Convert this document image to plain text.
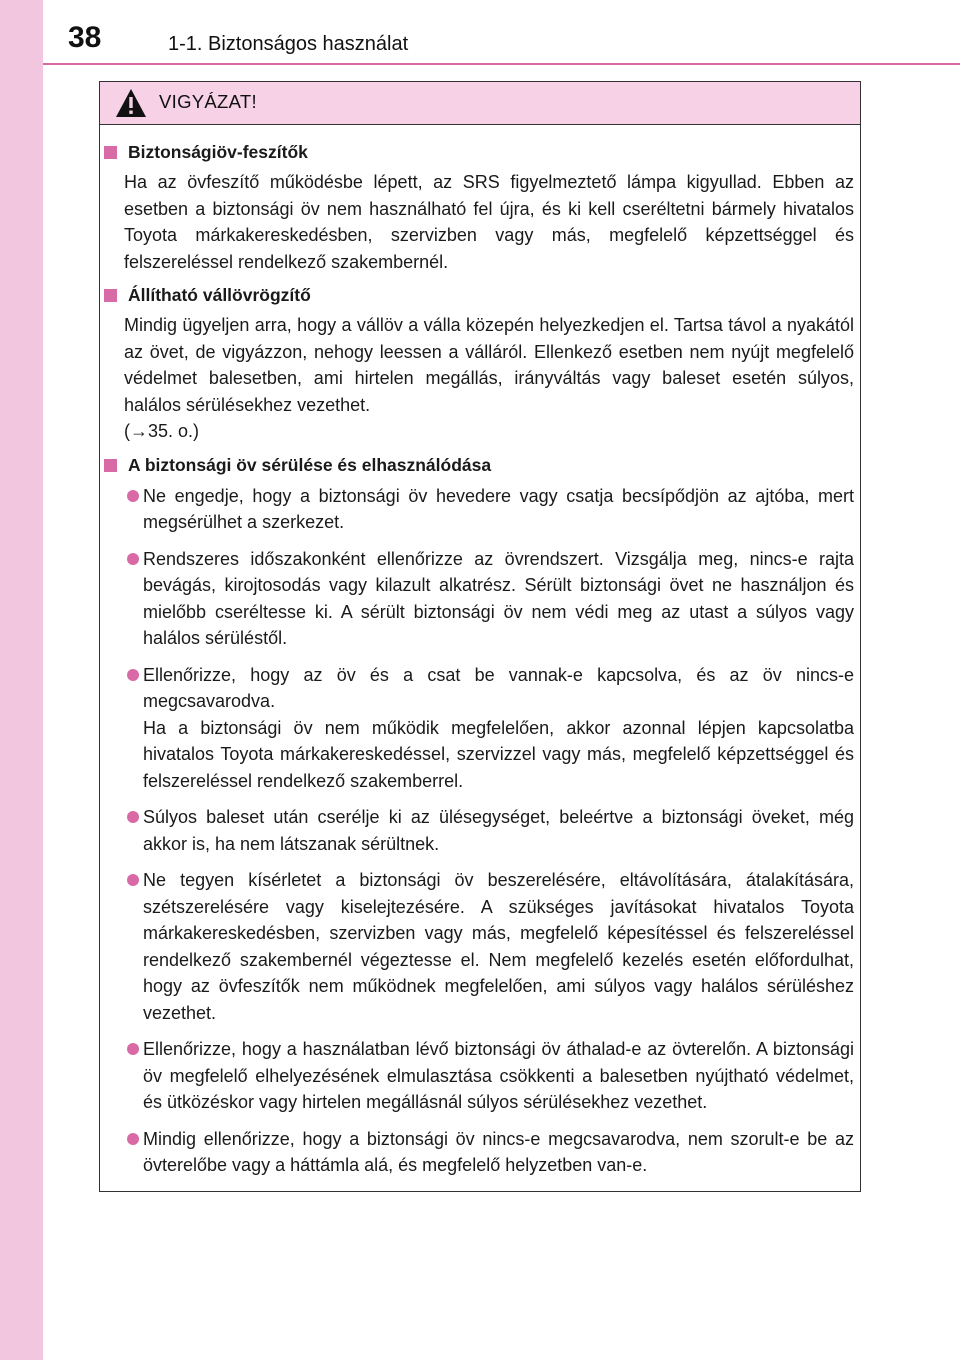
38	1-1. Biztonságos használat
VIGYÁZAT!
Biztonságiöv-feszítők
Ha az övfeszítő működésbe lépett, az SRS figyelmeztető lámpa kigyullad. Ebben az esetben a biztonsági öv nem használható fel újra, és ki kell cseréltetni bármely hivatalos Toyota márkakereskedésben, szervizben vagy más, megfelelő képzettséggel és felszereléssel rendelkező szakembernél.
Állítható vállövrögzítő
Mindig ügyeljen arra, hogy a vállöv a vállа közepén helyezkedjen el. Tartsa távol a nyakától az övet, de vigyázzon, nehogy leessen a válláról. Ellenkező esetben nem nyújt megfelelő védelmet balesetben, ami hirtelen megállás, irányváltás vagy baleset esetén súlyos, halálos sérülésekhez vezethet.
(→35. o.)
A biztonsági öv sérülése és elhasználódása
Ne engedje, hogy a biztonsági öv hevedere vagy csatja becsípődjön az ajtóba, mert megsérülhet a szerkezet.
Rendszeres időszakonként ellenőrizze az övrendszert. Vizsgálja meg, nincs-e rajta bevágás, kirojtosodás vagy kilazult alkatrész. Sérült biztonsági övet ne használjon és mielőbb cseréltesse ki. A sérült biztonsági öv nem védi meg az utast a súlyos vagy halálos sérüléstől.
Ellenőrizze, hogy az öv és a csat be vannak-e kapcsolva, és az öv nincs-e megcsavarodva.
Ha a biztonsági öv nem működik megfelelően, akkor azonnal lépjen kapcsolatba hivatalos Toyota márkakereskedéssel, szervizzel vagy más, megfelelő képzettséggel és felszereléssel rendelkező szakemberrel.
Súlyos baleset után cserélje ki az ülésegységet, beleértve a biztonsági öveket, még akkor is, ha nem látszanak sérültnek.
Ne tegyen kísérletet a biztonsági öv beszerelésére, eltávolítására, átalakítására, szétszerelésére vagy kiselejtezésére. A szükséges javításokat hivatalos Toyota márkakereskedésben, szervizben vagy más, megfelelő képesítéssel és felszereléssel rendelkező szakembernél végeztesse el. Nem megfelelő kezelés esetén előfordulhat, hogy az övfeszítők nem működnek megfelelően, ami súlyos vagy halálos sérüléshez vezethet.
Ellenőrizze, hogy a használatban lévő biztonsági öv áthalad-e az övterelőn. A biztonsági öv megfelelő elhelyezésének elmulasztása csökkenti a balesetben nyújtható védelmet, és ütközéskor vagy hirtelen megállásnál súlyos sérülésekhez vezethet.
Mindig ellenőrizze, hogy a biztonsági öv nincs-e megcsavarodva, nem szorult-e be az övterelőbe vagy a háttámla alá, és megfelelő helyzetben van-e.
